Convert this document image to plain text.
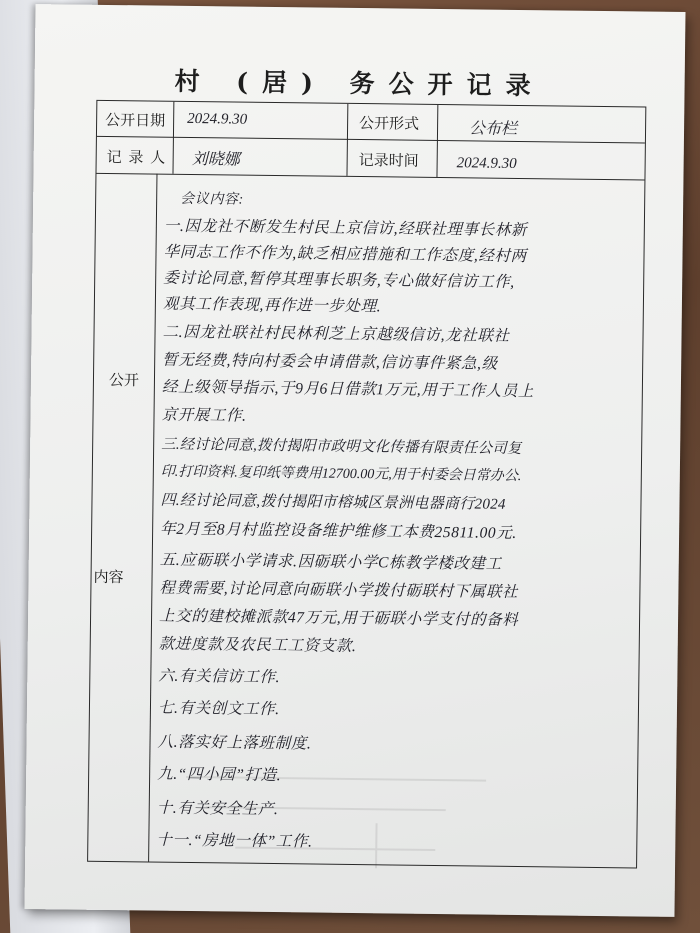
村 (居) 务公开记录
公开日期 2024.9.30	公开形式	公布栏
记 录 人 刘晓娜	记录时间	2024.9.30
公开
内容
会议内容:
一.因龙社不断发生村民上京信访,经联社理事长林新
华同志工作不作为,缺乏相应措施和工作态度,经村两
委讨论同意,暂停其理事长职务,专心做好信访工作,
观其工作表现,再作进一步处理.
二.因龙社联社村民林利芝上京越级信访,龙社联社
暂无经费,特向村委会申请借款,信访事件紧急,级
经上级领导指示,于9月6日借款1万元,用于工作人员上
京开展工作.
三.经讨论同意,拨付揭阳市政明文化传播有限责任公司复
印.打印资料.复印纸等费用12700.00元,用于村委会日常办公.
四.经讨论同意,拨付揭阳市榕城区景洲电器商行2024
年2月至8月村监控设备维护维修工本费25811.00元.
五.应砺联小学请求.因砺联小学C栋教学楼改建工
程费需要,讨论同意向砺联小学拨付砺联村下属联社
上交的建校摊派款47万元,用于砺联小学支付的备料
款进度款及农民工工资支款.
六.有关信访工作.
七.有关创文工作.
八.落实好上落班制度.
九.“四小园”打造.
十.有关安全生产.
十一.“房地一体”工作.
